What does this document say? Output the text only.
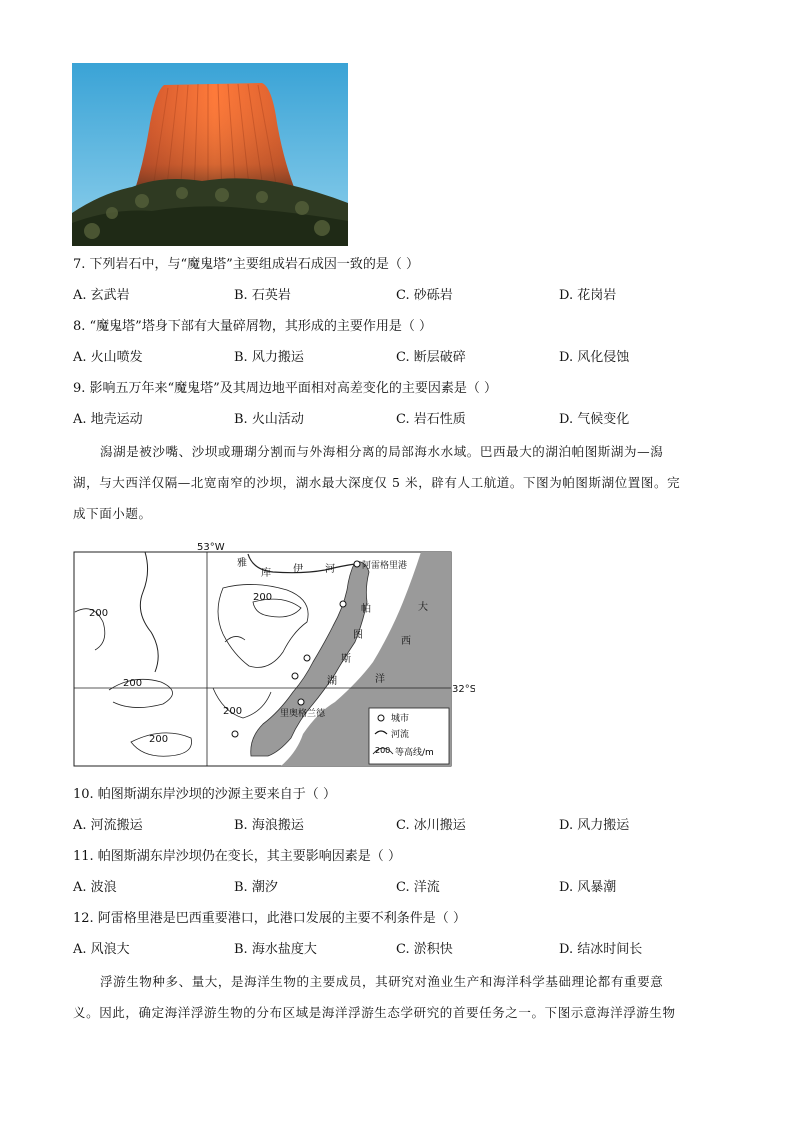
7. 下列岩石中，与“魔鬼塔”主要组成岩石成因一致的是（ ）
A. 玄武岩	B. 石英岩	C. 砂砾岩	D. 花岗岩
8. “魔鬼塔”塔身下部有大量碎屑物，其形成的主要作用是（ ）
A. 火山喷发	B. 风力搬运	C. 断层破碎	D. 风化侵蚀
9. 影响五万年来“魔鬼塔”及其周边地平面相对高差变化的主要因素是（ ）
A. 地壳运动	B. 火山活动	C. 岩石性质	D. 气候变化
潟湖是被沙嘴、沙坝或珊瑚分割而与外海相分离的局部海水水域。巴西最大的湖泊帕图斯湖为—潟
湖，与大西洋仅隔—北宽南窄的沙坝，湖水最大深度仅 5 米，辟有人工航道。下图为帕图斯湖位置图。完
成下面小题。
53°W
32°S
雅
库 伊 河	阿雷格里港
里奥格兰德
帕
图
斯
湖
大
西
洋
200
200
200
200
200
城市
河流
200 等高线/m
10. 帕图斯湖东岸沙坝的沙源主要来自于（ ）
A. 河流搬运	B. 海浪搬运	C. 冰川搬运	D. 风力搬运
11. 帕图斯湖东岸沙坝仍在变长，其主要影响因素是（ ）
A. 波浪	B. 潮汐	C. 洋流	D. 风暴潮
12. 阿雷格里港是巴西重要港口，此港口发展的主要不利条件是（ ）
A. 风浪大	B. 海水盐度大	C. 淤积快	D. 结冰时间长
浮游生物种多、量大，是海洋生物的主要成员，其研究对渔业生产和海洋科学基础理论都有重要意
义。因此，确定海洋浮游生物的分布区域是海洋浮游生态学研究的首要任务之一。下图示意海洋浮游生物
